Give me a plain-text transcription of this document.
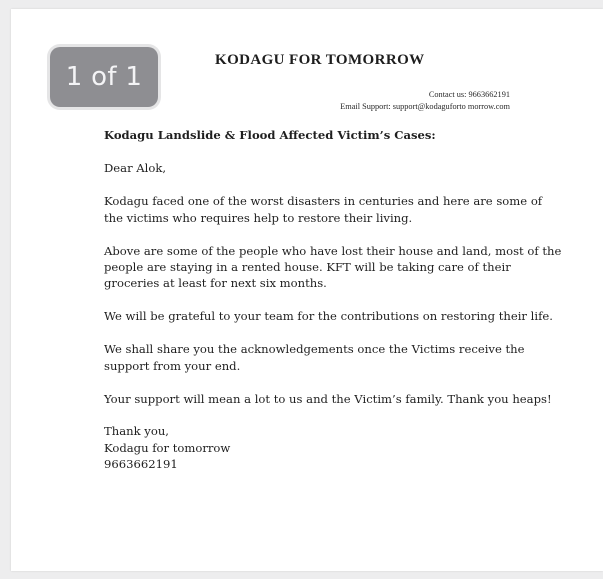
1 of 1
KODAGU FOR TOMORROW
Contact us: 9663662191
Email Support: support@kodaguforto morrow.com

Kodagu Landslide & Flood Affected Victim’s Cases:

Dear Alok,

Kodagu faced one of the worst disasters in centuries and here are some of the victims who requires help to restore their living.

Above are some of the people who have lost their house and land, most of the people are staying in a rented house. KFT will be taking care of their groceries at least for next six months.

We will be grateful to your team for the contributions on restoring their life.

We shall share you the acknowledgements once the Victims receive the support from your end.

Your support will mean a lot to us and the Victim’s family. Thank you heaps!

Thank you,

Kodagu for tomorrow

9663662191
